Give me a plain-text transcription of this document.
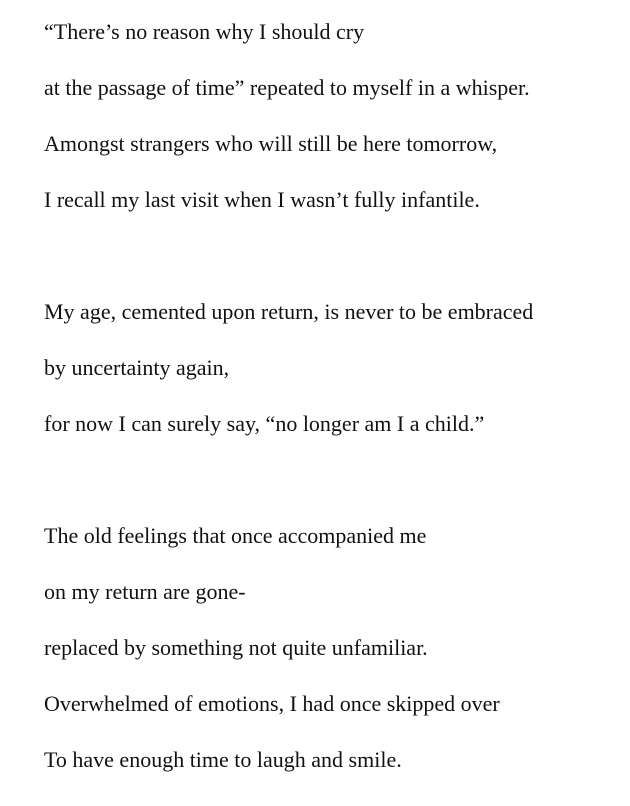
“There’s no reason why I should cry
at the passage of time” repeated to myself in a whisper.
Amongst strangers who will still be here tomorrow,
I recall my last visit when I wasn’t fully infantile.
My age, cemented upon return, is never to be embraced
by uncertainty again,
for now I can surely say, “no longer am I a child.”
The old feelings that once accompanied me
on my return are gone-
replaced by something not quite unfamiliar.
Overwhelmed of emotions, I had once skipped over
To have enough time to laugh and smile.
